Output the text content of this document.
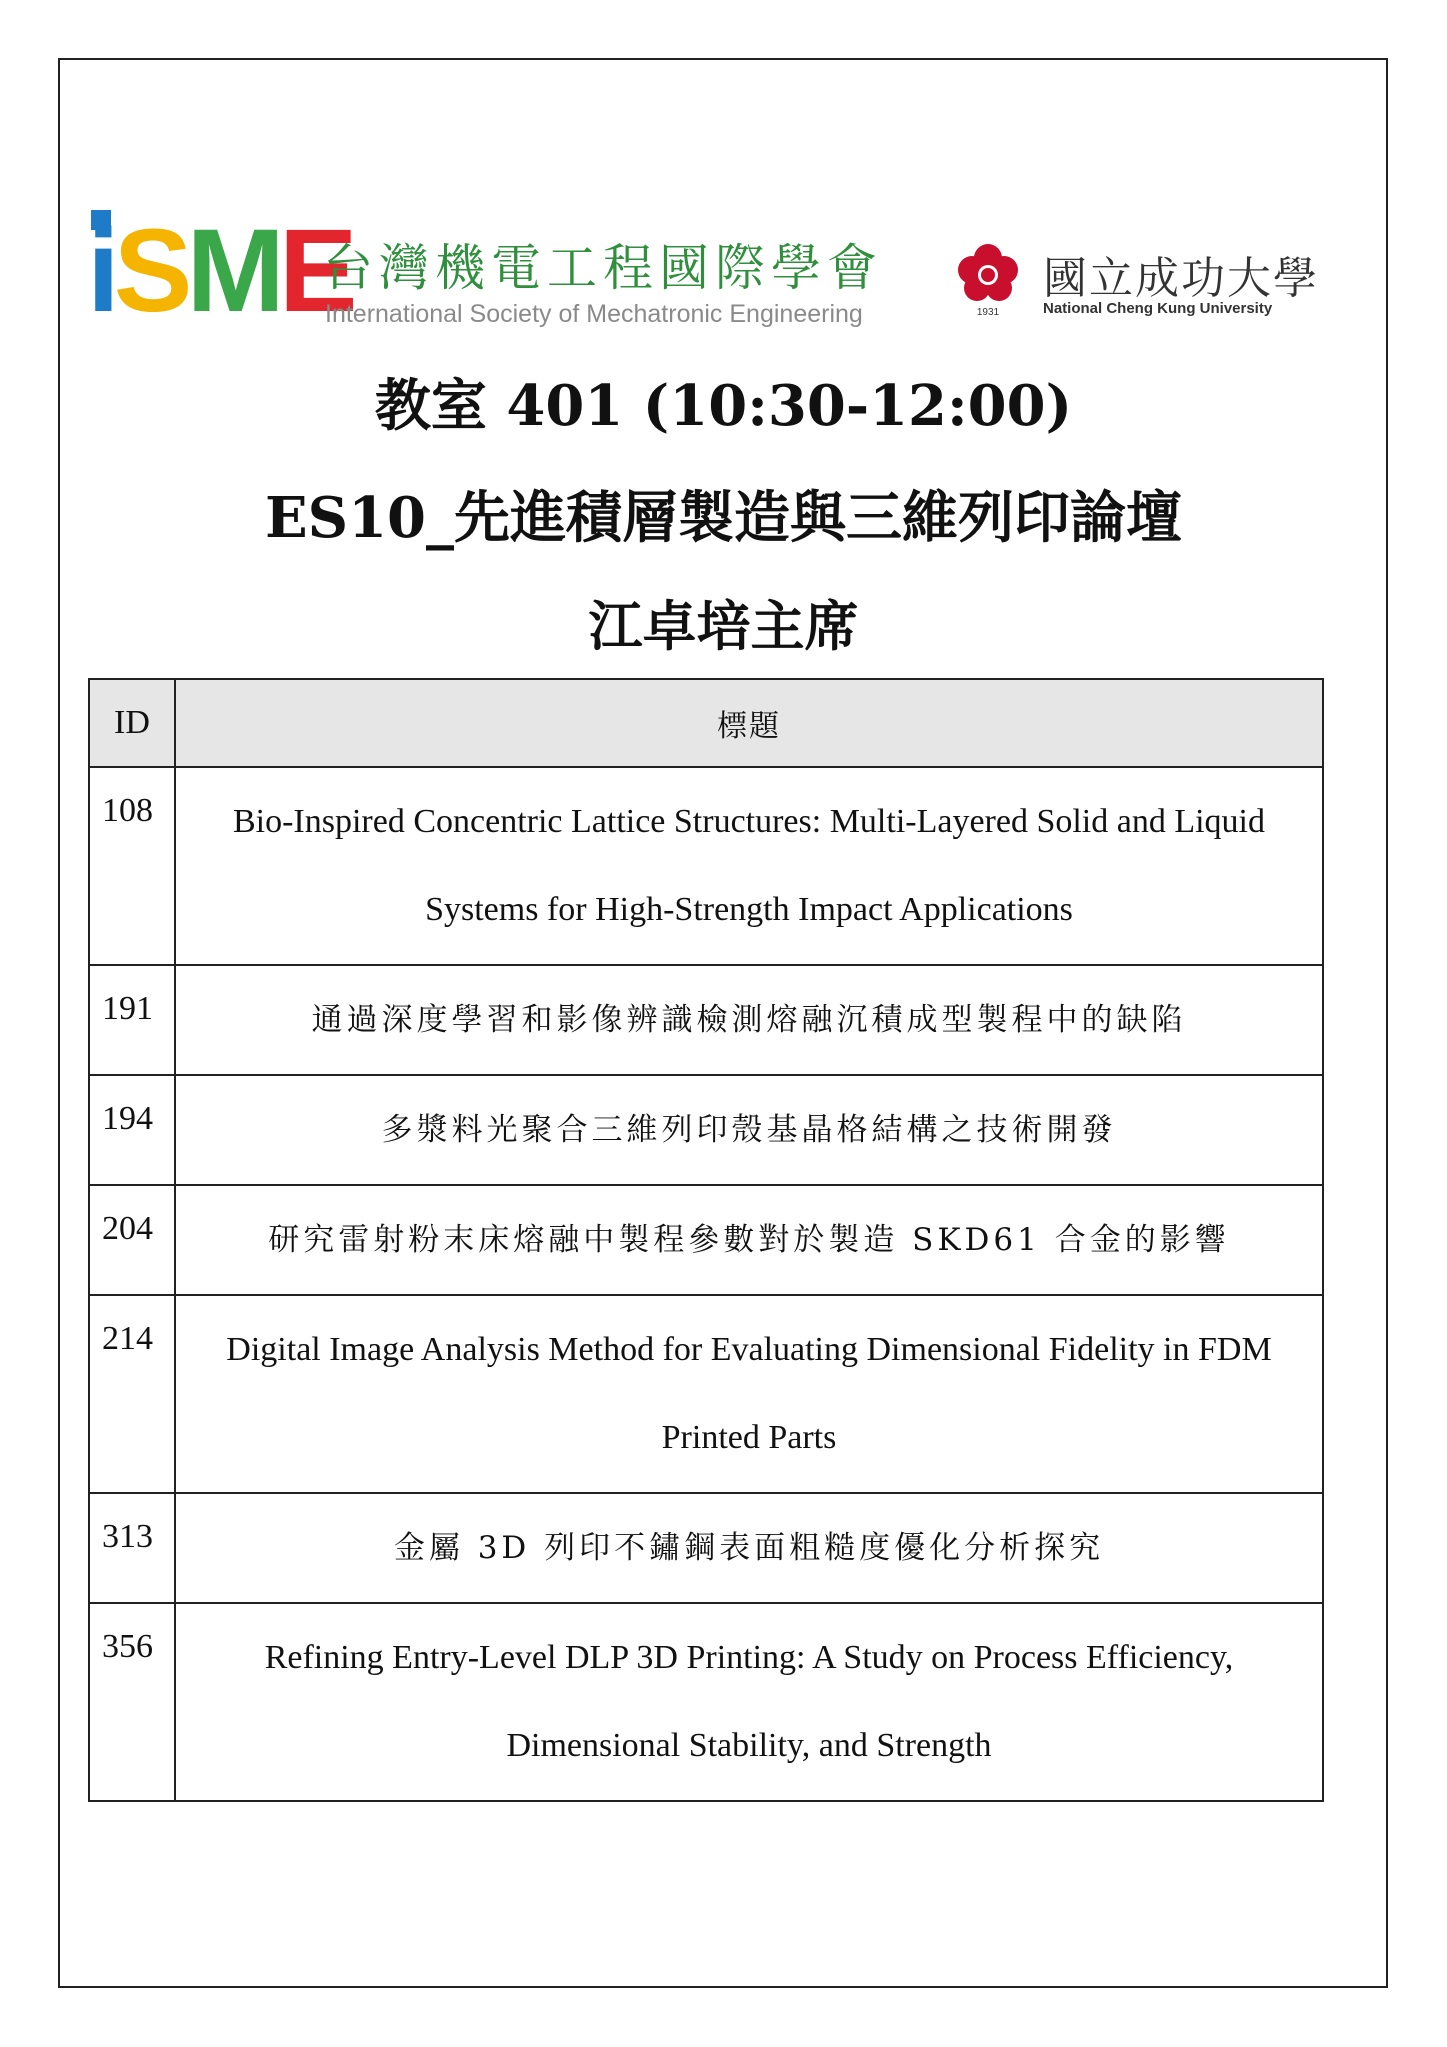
iSME
台灣機電工程國際學會
International Society of Mechatronic Engineering	1931
國立成功大學
National Cheng Kung University
教室 401 (10:30-12:00)
ES10_先進積層製造與三維列印論壇
江卓培主席
ID	標題
108	Bio-Inspired Concentric Lattice Structures: Multi-Layered Solid and Liquid Systems for High-Strength Impact Applications
191	通過深度學習和影像辨識檢測熔融沉積成型製程中的缺陷
194	多漿料光聚合三維列印殼基晶格結構之技術開發
204	研究雷射粉末床熔融中製程參數對於製造 SKD61 合金的影響
214	Digital Image Analysis Method for Evaluating Dimensional Fidelity in FDM Printed Parts
313	金屬 3D 列印不鏽鋼表面粗糙度優化分析探究
356	Refining Entry-Level DLP 3D Printing: A Study on Process Efficiency, Dimensional Stability, and Strength
